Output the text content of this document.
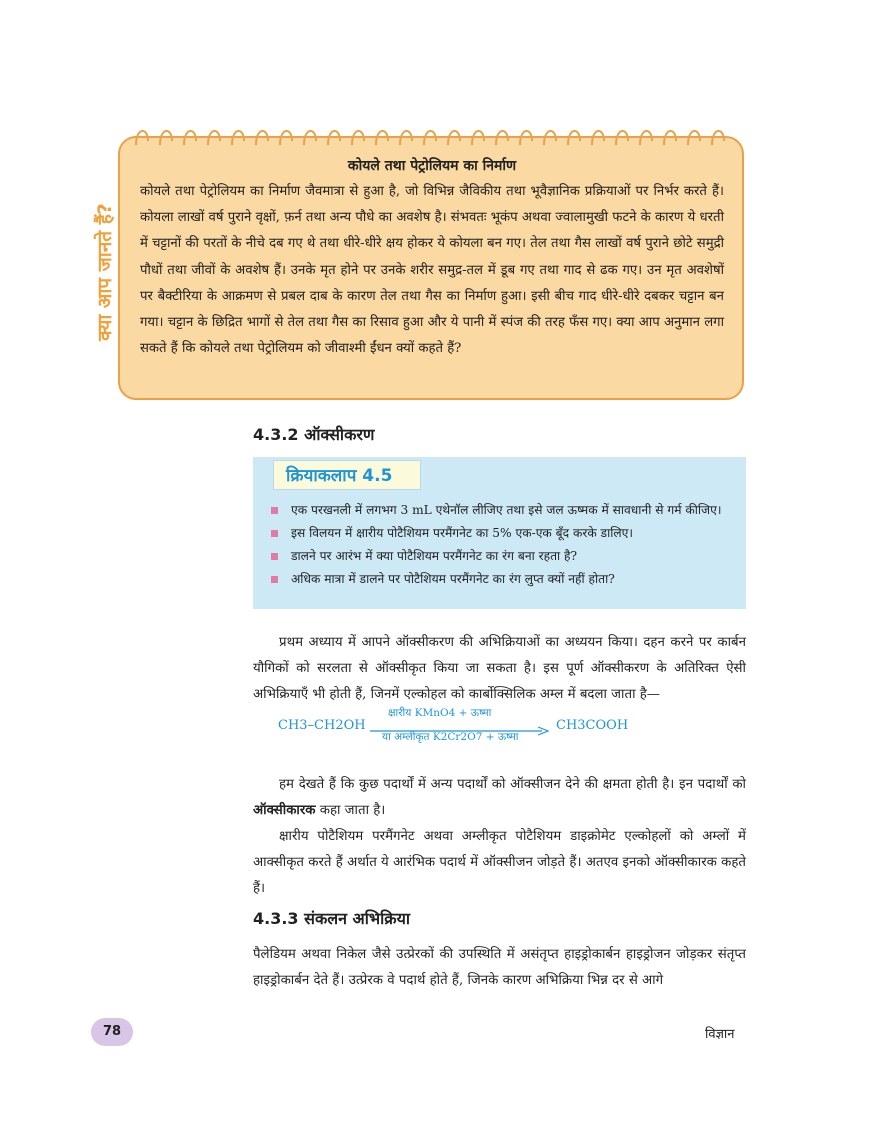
क्या आप जानते हैं?

कोयले तथा पेट्रोलियम का निर्माण

कोयले तथा पेट्रोलियम का निर्माण जैवमात्रा से हुआ है, जो विभिन्न जैविकीय तथा भूवैज्ञानिक प्रक्रियाओं पर निर्भर करते हैं। कोयला लाखों वर्ष पुराने वृक्षों, फ़र्न तथा अन्य पौधे का अवशेष है। संभवतः भूकंप अथवा ज्वालामुखी फटने के कारण ये धरती में चट्टानों की परतों के नीचे दब गए थे तथा धीरे-धीरे क्षय होकर ये कोयला बन गए। तेल तथा गैस लाखों वर्ष पुराने छोटे समुद्री पौधों तथा जीवों के अवशेष हैं। उनके मृत होने पर उनके शरीर समुद्र-तल में डूब गए तथा गाद से ढक गए। उन मृत अवशेषों पर बैक्टीरिया के आक्रमण से प्रबल दाब के कारण तेल तथा गैस का निर्माण हुआ। इसी बीच गाद धीरे-धीरे दबकर चट्टान बन गया। चट्टान के छिद्रित भागों से तेल तथा गैस का रिसाव हुआ और ये पानी में स्पंज की तरह फँस गए। क्या आप अनुमान लगा सकते हैं कि कोयले तथा पेट्रोलियम को जीवाश्मी ईंधन क्यों कहते हैं?

4.3.2 ऑक्सीकरण
क्रियाकलाप 4.5
एक परखनली में लगभग 3 mL एथेनॉल लीजिए तथा इसे जल ऊष्मक में सावधानी से गर्म कीजिए।
इस विलयन में क्षारीय पोटैशियम परमैंगनेट का 5% एक-एक बूँद करके डालिए।
डालने पर आरंभ में क्या पोटैशियम परमैंगनेट का रंग बना रहता है?
अधिक मात्रा में डालने पर पोटैशियम परमैंगनेट का रंग लुप्त क्यों नहीं होता?

प्रथम अध्याय में आपने ऑक्सीकरण की अभिक्रियाओं का अध्ययन किया। दहन करने पर कार्बन यौगिकों को सरलता से ऑक्सीकृत किया जा सकता है। इस पूर्ण ऑक्सीकरण के अतिरिक्त ऐसी अभिक्रियाएँ भी होती हैं, जिनमें एल्कोहल को कार्बोक्सिलिक अम्ल में बदला जाता है—

CH3–CH2OH
क्षारीय KMnO4 + ऊष्मा
या अम्लीकृत K2Cr2O7 + ऊष्मा
CH3COOH

हम देखते हैं कि कुछ पदार्थों में अन्य पदार्थों को ऑक्सीजन देने की क्षमता होती है। इन पदार्थों को ऑक्सीकारक कहा जाता है।

क्षारीय पोटैशियम परमैंगनेट अथवा अम्लीकृत पोटैशियम डाइक्रोमेट एल्कोहलों को अम्लों में आक्सीकृत करते हैं अर्थात ये आरंभिक पदार्थ में ऑक्सीजन जोड़ते हैं। अतएव इनको ऑक्सीकारक कहते हैं।

4.3.3 संकलन अभिक्रिया

पैलेडियम अथवा निकेल जैसे उत्प्रेरकों की उपस्थिति में असंतृप्त हाइड्रोकार्बन हाइड्रोजन जोड़कर संतृप्त हाइड्रोकार्बन देते हैं। उत्प्रेरक वे पदार्थ होते हैं, जिनके कारण अभिक्रिया भिन्न दर से आगे

78	विज्ञान
